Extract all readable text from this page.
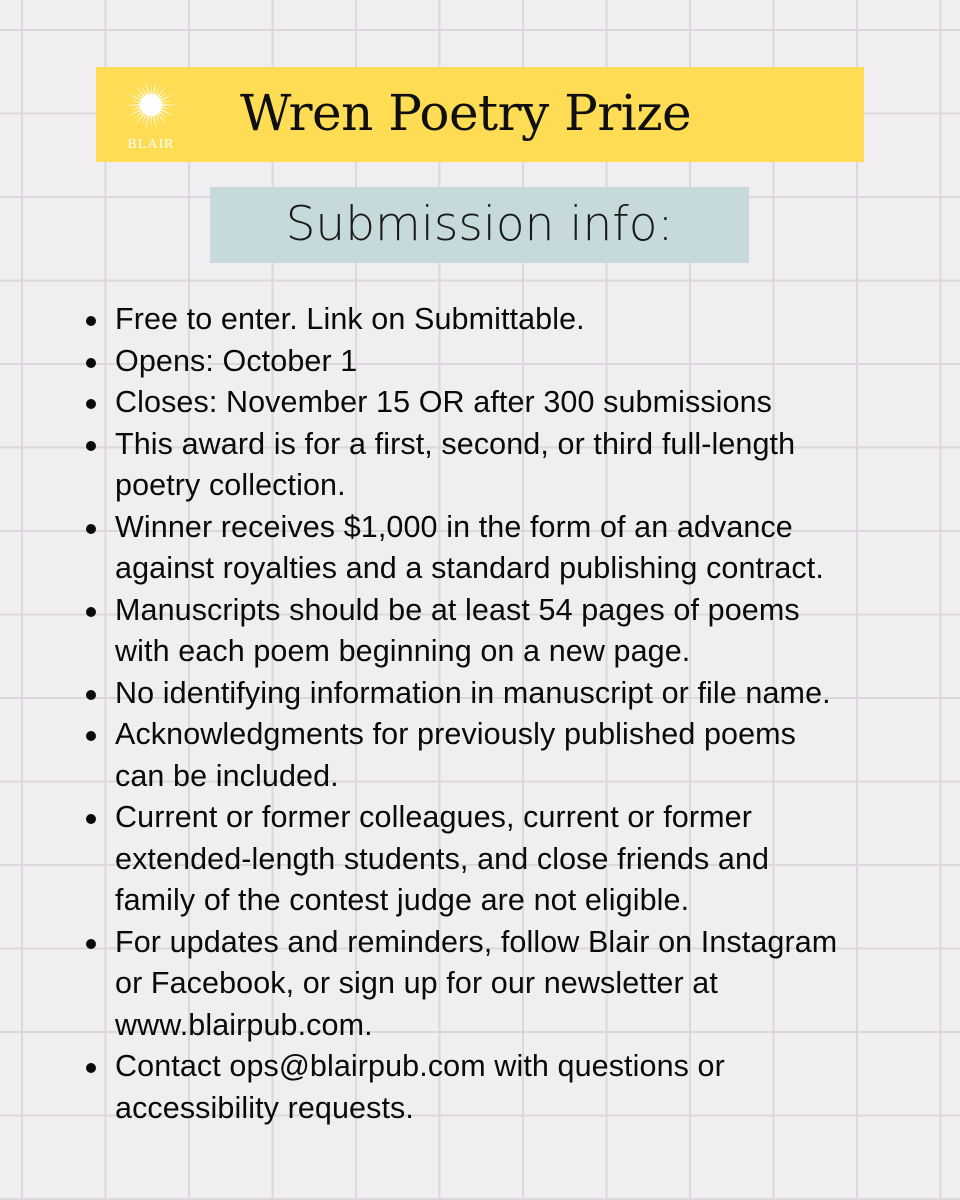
BLAIR
Wren Poetry Prize
Submission info:
Free to enter. Link on Submittable.
Opens: October 1
Closes: November 15 OR after 300 submissions
This award is for a first, second, or third full-length
poetry collection.
Winner receives $1,000 in the form of an advance
against royalties and a standard publishing contract.
Manuscripts should be at least 54 pages of poems
with each poem beginning on a new page.
No identifying information in manuscript or file name.
Acknowledgments for previously published poems
can be included.
Current or former colleagues, current or former
extended-length students, and close friends and
family of the contest judge are not eligible.
For updates and reminders, follow Blair on Instagram
or Facebook, or sign up for our newsletter at
www.blairpub.com.
Contact ops@blairpub.com with questions or
accessibility requests.
